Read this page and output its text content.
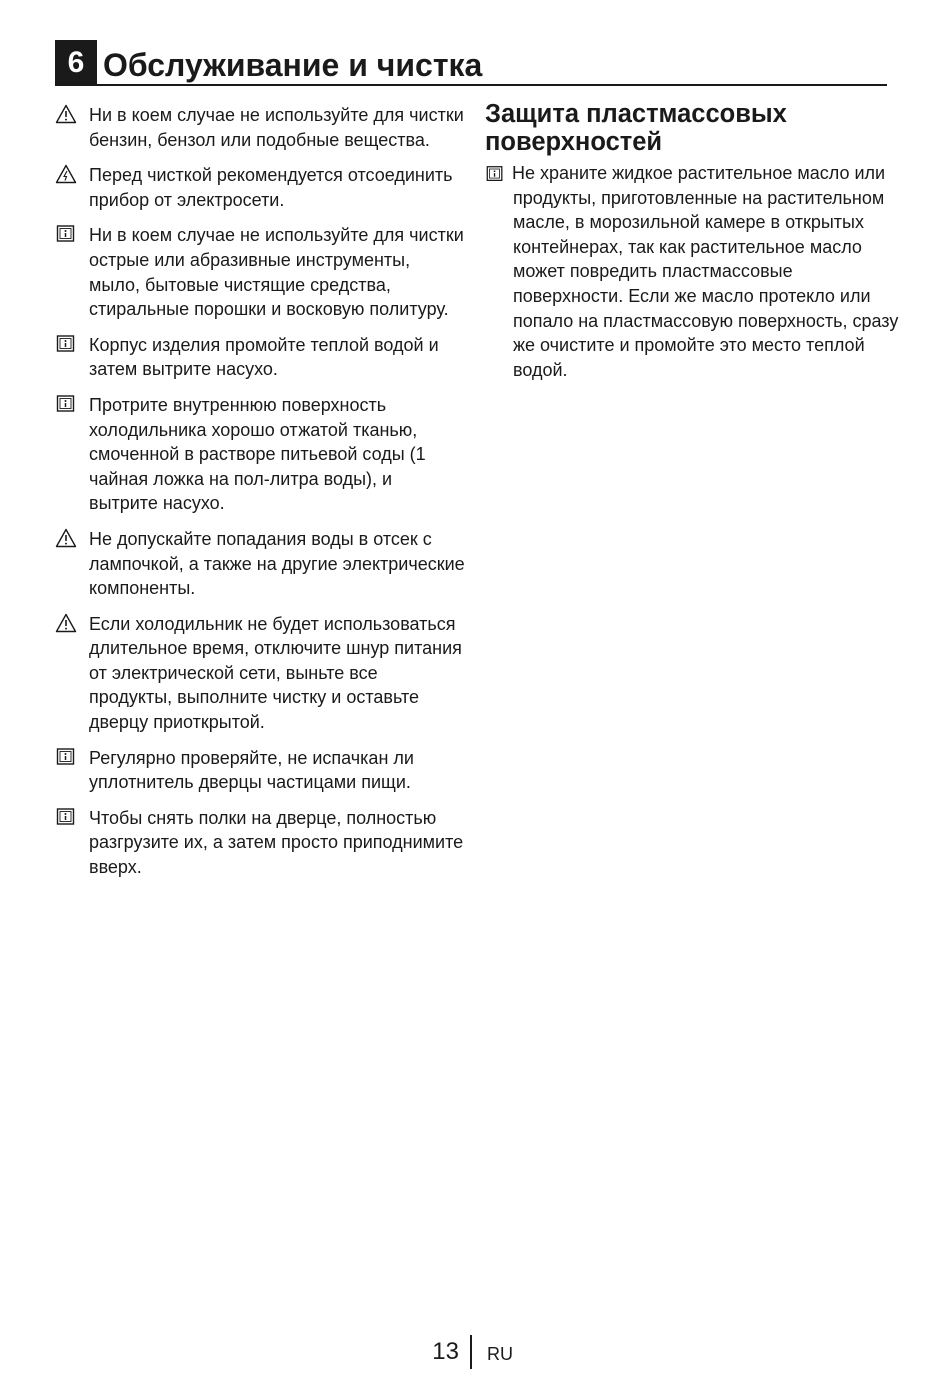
6 Обслуживание и чистка
Ни в коем случае не используйте для чистки бензин, бензол или подобные вещества.
Перед чисткой рекомендуется отсоединить прибор от электросети.
Ни в коем случае не используйте для чистки острые или абразивные инструменты, мыло, бытовые чистящие средства, стиральные порошки и восковую политуру.
Корпус изделия промойте теплой водой и затем вытрите насухо.
Протрите внутреннюю поверхность холодильника хорошо отжатой тканью, смоченной в растворе питьевой соды (1 чайная ложка на пол-литра воды), и вытрите насухо.
Не допускайте попадания воды в отсек с лампочкой, а также на другие электрические компоненты.
Если холодильник не будет использоваться длительное время, отключите шнур питания от электрической сети, выньте все продукты, выполните чистку и оставьте дверцу приоткрытой.
Регулярно проверяйте, не испачкан ли уплотнитель дверцы частицами пищи.
Чтобы снять полки на дверце, полностью разгрузите их, а затем просто приподнимите вверх.
Защита пластмассовых поверхностей
Не храните жидкое растительное масло или продукты, приготовленные на растительном масле, в морозильной камере в открытых контейнерах, так как растительное масло может повредить пластмассовые поверхности. Если же масло протекло или попало на пластмассовую поверхность, сразу же очистите и промойте это место теплой водой.
13 RU
